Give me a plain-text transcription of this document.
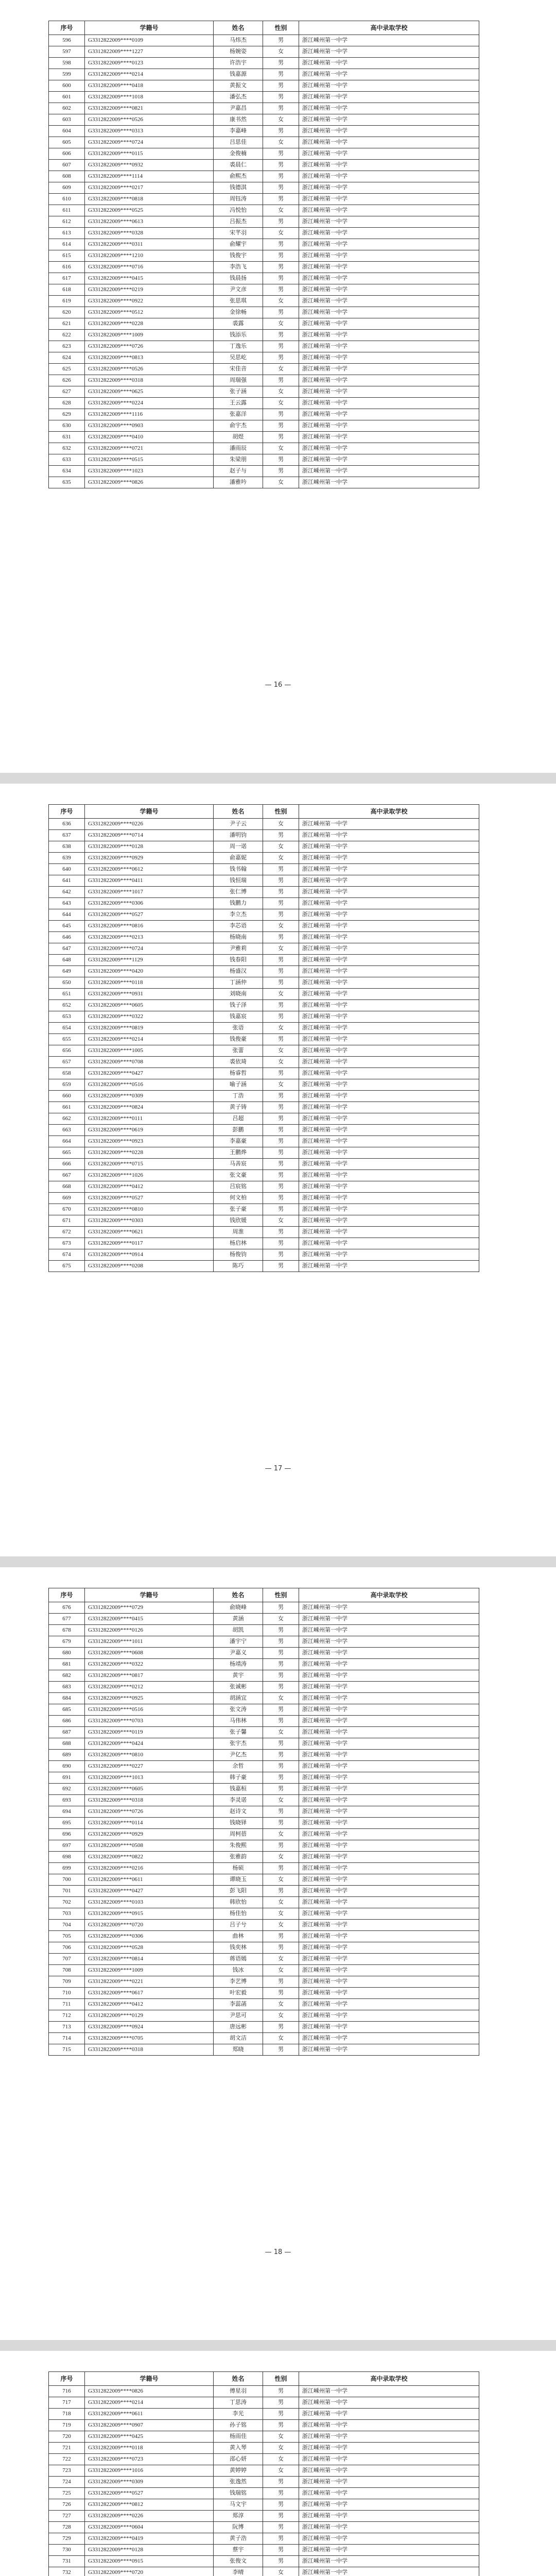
序号	学籍号	姓名	性别	高中录取学校
596	G3312822009****0109	马炜杰	男	浙江嵊州第一中学
597	G3312822009****1227	杨婉姿	女	浙江嵊州第一中学
598	G3312822009****0123	许浩宇	男	浙江嵊州第一中学
599	G3312822009****0214	钱嘉源	男	浙江嵊州第一中学
600	G3312822009****0418	黄振文	男	浙江嵊州第一中学
601	G3312822009****1018	潘弘杰	男	浙江嵊州第一中学
602	G3312822009****0821	尹嘉昌	男	浙江嵊州第一中学
603	G3312822009****0526	康书然	女	浙江嵊州第一中学
604	G3312822009****0313	李嘉峰	男	浙江嵊州第一中学
605	G3312822009****0724	吕思佳	女	浙江嵊州第一中学
606	G3312822009****0115	金俊楠	男	浙江嵊州第一中学
607	G3312822009****0932	裘晨仁	男	浙江嵊州第一中学
608	G3312822009****1114	俞熙杰	男	浙江嵊州第一中学
609	G3312822009****0217	钱德淇	男	浙江嵊州第一中学
610	G3312822009****0818	周钰涛	男	浙江嵊州第一中学
611	G3312822009****0525	冯悦怡	女	浙江嵊州第一中学
612	G3312822009****0613	吕振杰	男	浙江嵊州第一中学
613	G3312822009****0328	宋芊羽	女	浙江嵊州第一中学
614	G3312822009****0311	俞耀宇	男	浙江嵊州第一中学
615	G3312822009****1210	钱俊宇	男	浙江嵊州第一中学
616	G3312822009****0716	李浩飞	男	浙江嵊州第一中学
617	G3312822009****0415	钱晨扬	男	浙江嵊州第一中学
618	G3312822009****0219	尹文彦	男	浙江嵊州第一中学
619	G3312822009****0922	张思琪	女	浙江嵊州第一中学
620	G3312822009****0512	金徐畅	男	浙江嵊州第一中学
621	G3312822009****0228	裘露	女	浙江嵊州第一中学
622	G3312822009****1009	钱添乐	男	浙江嵊州第一中学
623	G3312822009****0726	丁逸乐	男	浙江嵊州第一中学
624	G3312822009****0813	吴思屹	男	浙江嵊州第一中学
625	G3312822009****0526	宋佳音	女	浙江嵊州第一中学
626	G3312822009****0318	周瑞强	男	浙江嵊州第一中学
627	G3312822009****0625	张子涵	女	浙江嵊州第一中学
628	G3312822009****0224	王云露	女	浙江嵊州第一中学
629	G3312822009****1116	张嘉洋	男	浙江嵊州第一中学
630	G3312822009****0903	俞宇杰	男	浙江嵊州第一中学
631	G3312822009****0410	胡煜	男	浙江嵊州第一中学
632	G3312822009****0721	潘雨辰	女	浙江嵊州第一中学
633	G3312822009****0515	朱梁朋	男	浙江嵊州第一中学
634	G3312822009****1023	赵子与	男	浙江嵊州第一中学
635	G3312822009****0826	潘雅吟	女	浙江嵊州第一中学
— 16 —
序号	学籍号	姓名	性别	高中录取学校
636	G3312822009****0226	尹子云	女	浙江嵊州第一中学
637	G3312822009****0714	潘明钧	男	浙江嵊州第一中学
638	G3312822009****0128	周一诺	女	浙江嵊州第一中学
639	G3312822009****0929	俞嘉妮	女	浙江嵊州第一中学
640	G3312822009****0612	钱书翰	男	浙江嵊州第一中学
641	G3312822009****0411	钱恒瑞	男	浙江嵊州第一中学
642	G3312822009****1017	张仁博	男	浙江嵊州第一中学
643	G3312822009****0306	钱鹏力	男	浙江嵊州第一中学
644	G3312822009****0527	李立杰	男	浙江嵊州第一中学
645	G3312822009****0816	李芯语	女	浙江嵊州第一中学
646	G3312822009****0213	杨晓南	男	浙江嵊州第一中学
647	G3312822009****0724	尹雅莉	女	浙江嵊州第一中学
648	G3312822009****1129	钱春阳	男	浙江嵊州第一中学
649	G3312822009****0420	杨盛汉	男	浙江嵊州第一中学
650	G3312822009****0118	丁涵仲	男	浙江嵊州第一中学
651	G3312822009****0931	刘晓南	女	浙江嵊州第一中学
652	G3312822009****0605	钱子泽	男	浙江嵊州第一中学
653	G3312822009****0322	钱嘉宸	男	浙江嵊州第一中学
654	G3312822009****0819	张语	女	浙江嵊州第一中学
655	G3312822009****0214	钱俊豪	男	浙江嵊州第一中学
656	G3312822009****1005	张蕾	女	浙江嵊州第一中学
657	G3312822009****0708	裘依琦	女	浙江嵊州第一中学
658	G3312822009****0427	杨睿哲	男	浙江嵊州第一中学
659	G3312822009****0516	喻子涵	女	浙江嵊州第一中学
660	G3312822009****0309	丁浩	男	浙江嵊州第一中学
661	G3312822009****0824	黄子铸	男	浙江嵊州第一中学
662	G3312822009****0111	吕超	男	浙江嵊州第一中学
663	G3312822009****0619	彭鹏	男	浙江嵊州第一中学
664	G3312822009****0923	李嘉豪	男	浙江嵊州第一中学
665	G3312822009****0228	王鹏烨	男	浙江嵊州第一中学
666	G3312822009****0715	马善宸	男	浙江嵊州第一中学
667	G3312822009****1026	张文豪	男	浙江嵊州第一中学
668	G3312822009****0412	吕宸铭	男	浙江嵊州第一中学
669	G3312822009****0527	何文柏	男	浙江嵊州第一中学
670	G3312822009****0810	张子豪	男	浙江嵊州第一中学
671	G3312822009****0303	钱欣媛	女	浙江嵊州第一中学
672	G3312822009****0621	周淮	男	浙江嵊州第一中学
673	G3312822009****0117	杨启林	男	浙江嵊州第一中学
674	G3312822009****0914	杨俊钧	男	浙江嵊州第一中学
675	G3312822009****0208	陈巧	男	浙江嵊州第一中学
— 17 —
序号	学籍号	姓名	性别	高中录取学校
676	G3312822009****0729	俞晓峰	男	浙江嵊州第一中学
677	G3312822009****0415	黄涵	女	浙江嵊州第一中学
678	G3312822009****0126	胡凯	男	浙江嵊州第一中学
679	G3312822009****1011	潘宇宁	男	浙江嵊州第一中学
680	G3312822009****0608	尹嘉义	男	浙江嵊州第一中学
681	G3312822009****0322	杨靖涛	男	浙江嵊州第一中学
682	G3312822009****0817	黄宇	男	浙江嵊州第一中学
683	G3312822009****0212	张诚彬	男	浙江嵊州第一中学
684	G3312822009****0925	胡涵宜	女	浙江嵊州第一中学
685	G3312822009****0516	张文涛	男	浙江嵊州第一中学
686	G3312822009****0703	马伟林	男	浙江嵊州第一中学
687	G3312822009****0119	张子馨	女	浙江嵊州第一中学
688	G3312822009****0424	张宇杰	男	浙江嵊州第一中学
689	G3312822009****0810	尹亿杰	男	浙江嵊州第一中学
690	G3312822009****0227	余哲	男	浙江嵊州第一中学
691	G3312822009****1013	韩子豪	男	浙江嵊州第一中学
692	G3312822009****0605	钱嘉桓	男	浙江嵊州第一中学
693	G3312822009****0318	李灵诺	女	浙江嵊州第一中学
694	G3312822009****0726	赵诗文	男	浙江嵊州第一中学
695	G3312822009****0114	钱晓铎	男	浙江嵊州第一中学
696	G3312822009****0929	周柯蓓	女	浙江嵊州第一中学
697	G3312822009****0508	朱俊熙	男	浙江嵊州第一中学
698	G3312822009****0822	张雅韵	女	浙江嵊州第一中学
699	G3312822009****0216	杨硕	男	浙江嵊州第一中学
700	G3312822009****0611	谭晓玉	女	浙江嵊州第一中学
701	G3312822009****0427	彭飞阳	男	浙江嵊州第一中学
702	G3312822009****0103	韩欣怡	女	浙江嵊州第一中学
703	G3312822009****0915	杨佳怡	女	浙江嵊州第一中学
704	G3312822009****0720	吕子兮	女	浙江嵊州第一中学
705	G3312822009****0306	曲林	男	浙江嵊州第一中学
706	G3312822009****0528	钱奕林	男	浙江嵊州第一中学
707	G3312822009****0814	蒋语嫣	女	浙江嵊州第一中学
708	G3312822009****1009	钱冰	女	浙江嵊州第一中学
709	G3312822009****0221	李艺博	男	浙江嵊州第一中学
710	G3312822009****0617	叶宏毅	男	浙江嵊州第一中学
711	G3312822009****0412	李蕊菡	女	浙江嵊州第一中学
712	G3312822009****0129	尹思可	女	浙江嵊州第一中学
713	G3312822009****0924	唐远彬	男	浙江嵊州第一中学
714	G3312822009****0705	胡文洁	女	浙江嵊州第一中学
715	G3312822009****0318	郑晓	男	浙江嵊州第一中学
— 18 —
序号	学籍号	姓名	性别	高中录取学校
716	G3312822009****0826	傅星羽	男	浙江嵊州第一中学
717	G3312822009****0214	丁思涛	男	浙江嵊州第一中学
718	G3312822009****0611	李光	男	浙江嵊州第一中学
719	G3312822009****0907	孙子铭	男	浙江嵊州第一中学
720	G3312822009****0425	杨雨佳	女	浙江嵊州第一中学
721	G3312822009****0118	黄入琴	女	浙江嵊州第一中学
722	G3312822009****0723	邵心妍	女	浙江嵊州第一中学
723	G3312822009****1016	黄婷婷	女	浙江嵊州第一中学
724	G3312822009****0309	张逸然	男	浙江嵊州第一中学
725	G3312822009****0527	钱瑞铭	男	浙江嵊州第一中学
726	G3312822009****0812	马文宇	男	浙江嵊州第一中学
727	G3312822009****0226	郑淳	男	浙江嵊州第一中学
728	G3312822009****0604	阮博	男	浙江嵊州第一中学
729	G3312822009****0419	黄子浩	男	浙江嵊州第一中学
730	G3312822009****0128	蔡宇	男	浙江嵊州第一中学
731	G3312822009****0915	张俊文	男	浙江嵊州第一中学
732	G3312822009****0720	李晴	女	浙江嵊州第一中学
